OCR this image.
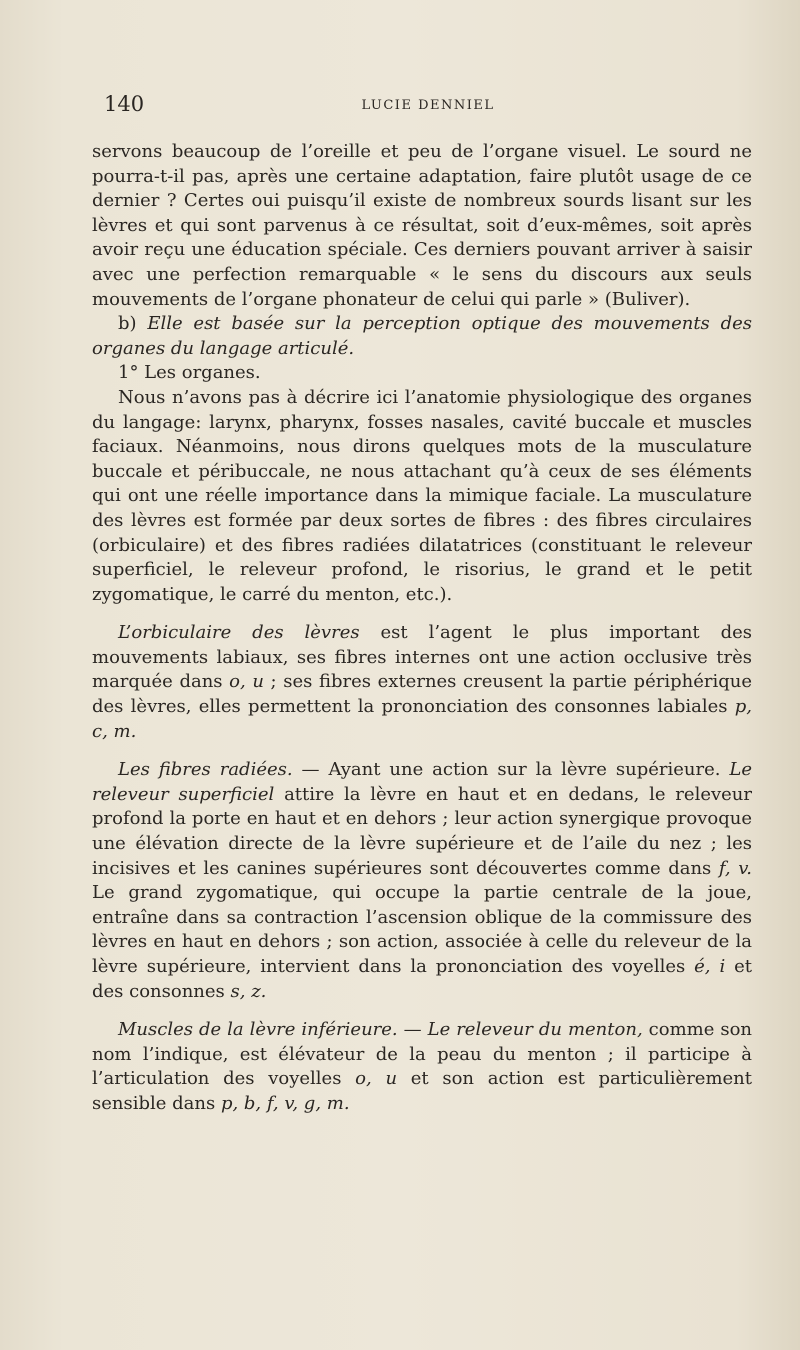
140	LUCIE DENNIEL

servons beaucoup de l’oreille et peu de l’organe visuel. Le sourd ne pourra-t-il pas, après une certaine adaptation, faire plutôt usage de ce dernier ? Certes oui puisqu’il existe de nombreux sourds lisant sur les lèvres et qui sont parvenus à ce résultat, soit d’eux-mêmes, soit après avoir reçu une éducation spéciale. Ces derniers pouvant arriver à saisir avec une perfection remarquable « le sens du discours aux seuls mouvements de l’organe phonateur de celui qui parle » (Buliver).

b) Elle est basée sur la perception optique des mouvements des organes du langage articulé.

1° Les organes.

Nous n’avons pas à décrire ici l’anatomie physiologique des organes du langage: larynx, pharynx, fosses nasales, cavité buccale et muscles faciaux. Néanmoins, nous dirons quelques mots de la musculature buccale et péribuccale, ne nous attachant qu’à ceux de ses éléments qui ont une réelle importance dans la mimique faciale. La musculature des lèvres est formée par deux sortes de fibres : des fibres circulaires (orbiculaire) et des fibres radiées dilatatrices (constituant le releveur superficiel, le releveur profond, le risorius, le grand et le petit zygomatique, le carré du menton, etc.).

L’orbiculaire des lèvres est l’agent le plus important des mouvements labiaux, ses fibres internes ont une action occlusive très marquée dans o, u ; ses fibres externes creusent la partie périphérique des lèvres, elles permettent la prononciation des consonnes labiales p, c, m.

Les fibres radiées. — Ayant une action sur la lèvre supérieure. Le releveur superficiel attire la lèvre en haut et en dedans, le releveur profond la porte en haut et en dehors ; leur action synergique provoque une élévation directe de la lèvre supérieure et de l’aile du nez ; les incisives et les canines supérieures sont découvertes comme dans f, v. Le grand zygomatique, qui occupe la partie centrale de la joue, entraîne dans sa contraction l’ascension oblique de la commissure des lèvres en haut en dehors ; son action, associée à celle du releveur de la lèvre supérieure, intervient dans la prononciation des voyelles é, i et des consonnes s, z.

Muscles de la lèvre inférieure. — Le releveur du menton, comme son nom l’indique, est élévateur de la peau du menton ; il participe à l’articulation des voyelles o, u et son action est particulièrement sensible dans p, b, f, v, g, m.
